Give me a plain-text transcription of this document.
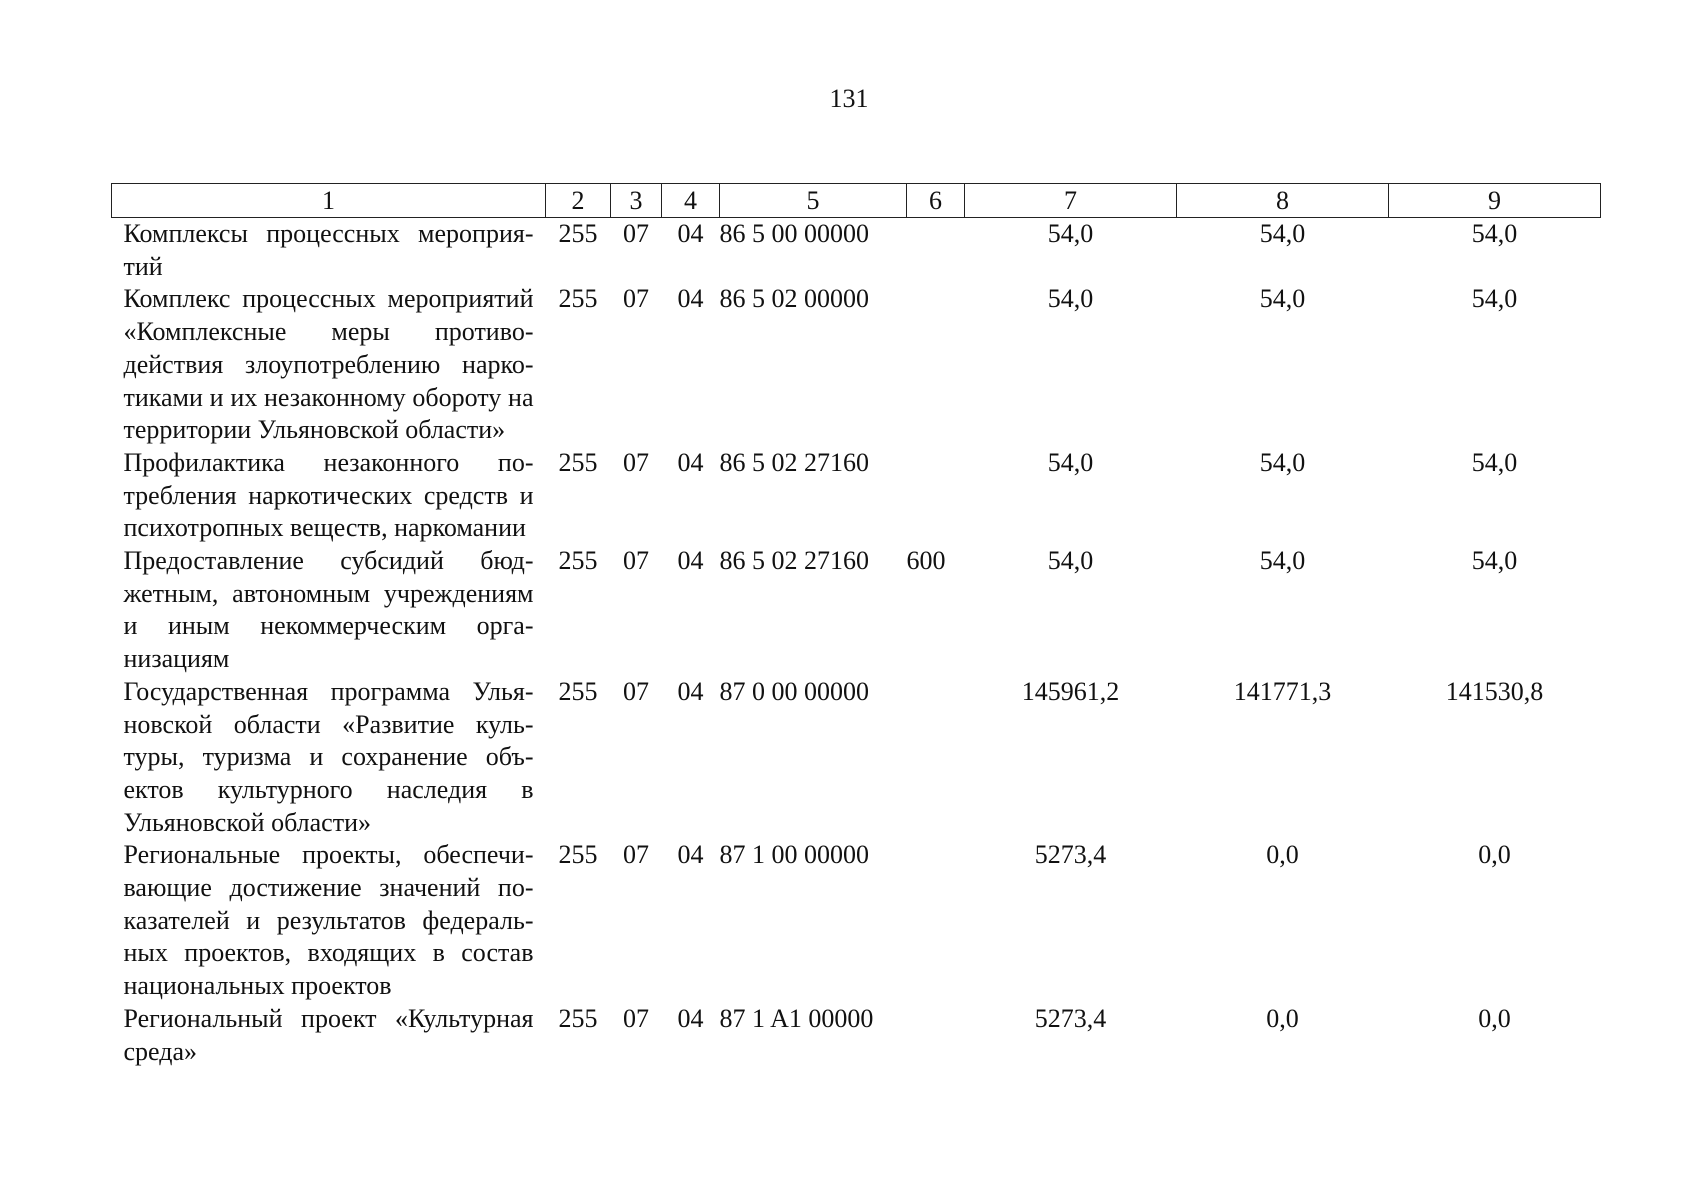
131
1	2	3	4	5	6	7	8	9
Комплексы процессных мероприятий	255	07	04	86 5 00 00000		54,0	54,0	54,0
Комплекс процессных мероприятий «Комплексные меры противодействия злоупотреблению наркотиками и их незаконному обороту на территории Ульяновской области»	255	07	04	86 5 02 00000		54,0	54,0	54,0
Профилактика незаконного потребления наркотических средств и психотропных веществ, наркомании	255	07	04	86 5 02 27160		54,0	54,0	54,0
Предоставление субсидий бюджетным, автономным учреждениям и иным некоммерческим организациям	255	07	04	86 5 02 27160	600	54,0	54,0	54,0
Государственная программа Ульяновской области «Развитие культуры, туризма и сохранение объектов культурного наследия в Ульяновской области»	255	07	04	87 0 00 00000		145961,2	141771,3	141530,8
Региональные проекты, обеспечивающие достижение значений показателей и результатов федеральных проектов, входящих в состав национальных проектов	255	07	04	87 1 00 00000		5273,4	0,0	0,0
Региональный проект «Культурная среда»	255	07	04	87 1 A1 00000		5273,4	0,0	0,0
